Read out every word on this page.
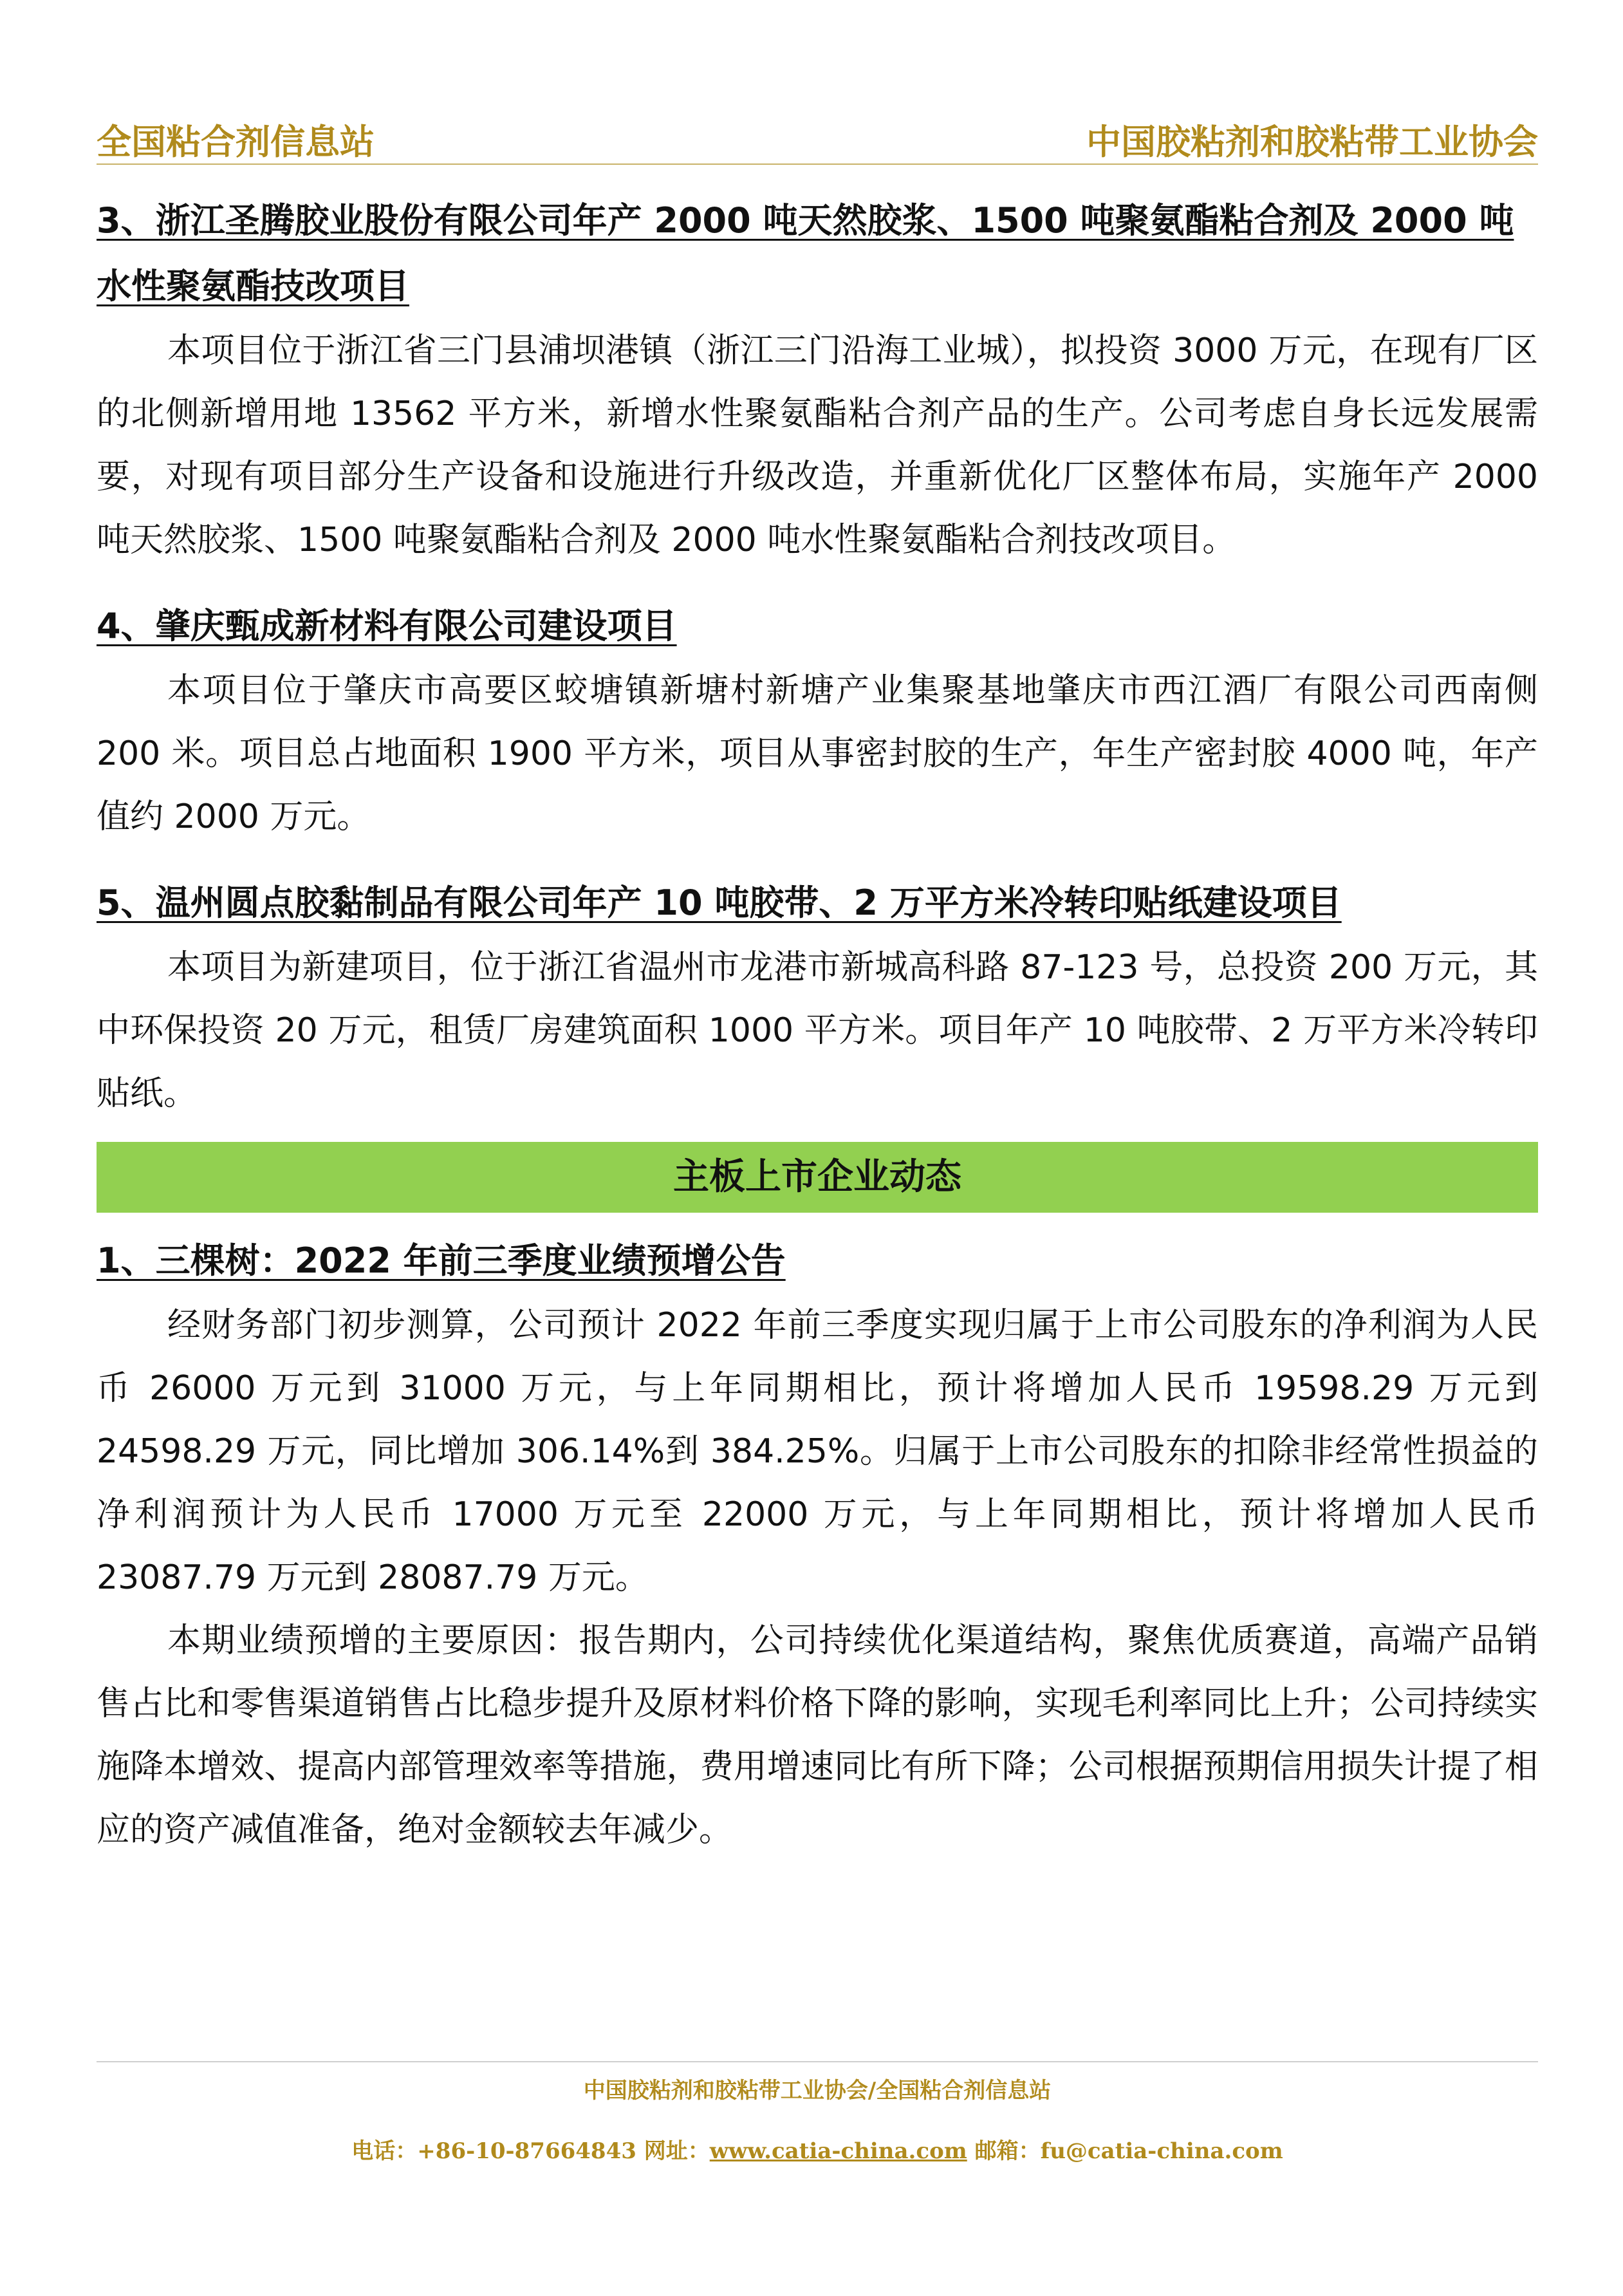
全国粘合剂信息站	中国胶粘剂和胶粘带工业协会
3、浙江圣腾胶业股份有限公司年产 2000 吨天然胶浆、1500 吨聚氨酯粘合剂及 2000 吨水性聚氨酯技改项目

本项目位于浙江省三门县浦坝港镇（浙江三门沿海工业城），拟投资 3000 万元，在现有厂区的北侧新增用地 13562 平方米，新增水性聚氨酯粘合剂产品的生产。公司考虑自身长远发展需要，对现有项目部分生产设备和设施进行升级改造，并重新优化厂区整体布局，实施年产 2000 吨天然胶浆、1500 吨聚氨酯粘合剂及 2000 吨水性聚氨酯粘合剂技改项目。

4、肇庆甄成新材料有限公司建设项目

本项目位于肇庆市高要区蛟塘镇新塘村新塘产业集聚基地肇庆市西江酒厂有限公司西南侧 200 米。项目总占地面积 1900 平方米，项目从事密封胶的生产，年生产密封胶 4000 吨，年产值约 2000 万元。

5、温州圆点胶黏制品有限公司年产 10 吨胶带、2 万平方米冷转印贴纸建设项目

本项目为新建项目，位于浙江省温州市龙港市新城高科路 87-123 号，总投资 200 万元，其中环保投资 20 万元，租赁厂房建筑面积 1000 平方米。项目年产 10 吨胶带、2 万平方米冷转印贴纸。

主板上市企业动态
1、三棵树：2022 年前三季度业绩预增公告

经财务部门初步测算，公司预计 2022 年前三季度实现归属于上市公司股东的净利润为人民币 26000 万元到 31000 万元，与上年同期相比，预计将增加人民币 19598.29 万元到 24598.29 万元，同比增加 306.14%到 384.25%。归属于上市公司股东的扣除非经常性损益的净利润预计为人民币 17000 万元至 22000 万元，与上年同期相比，预计将增加人民币 23087.79 万元到 28087.79 万元。

本期业绩预增的主要原因：报告期内，公司持续优化渠道结构，聚焦优质赛道，高端产品销售占比和零售渠道销售占比稳步提升及原材料价格下降的影响，实现毛利率同比上升；公司持续实施降本增效、提高内部管理效率等措施，费用增速同比有所下降；公司根据预期信用损失计提了相应的资产减值准备，绝对金额较去年减少。

中国胶粘剂和胶粘带工业协会/全国粘合剂信息站
电话：+86-10-87664843 网址：www.catia-china.com 邮箱：fu@catia-china.com
